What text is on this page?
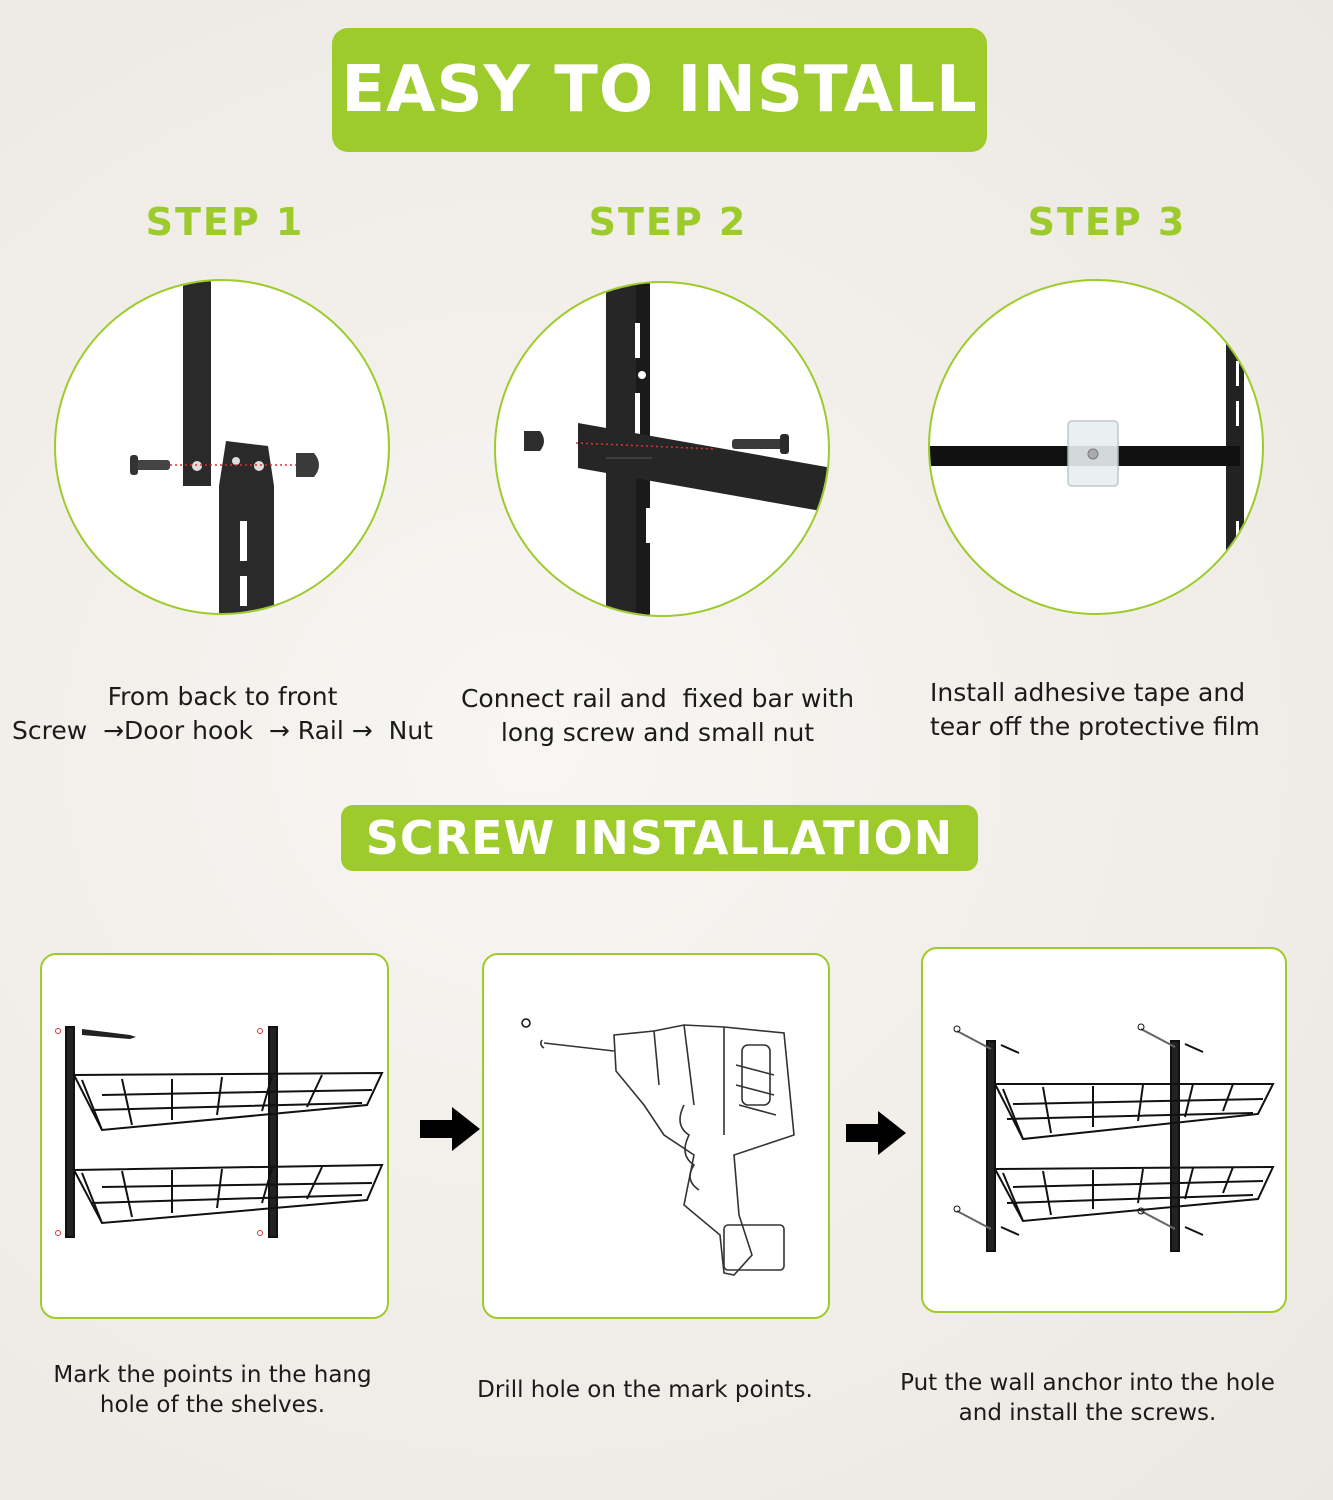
EASY TO INSTALL
STEP 1	STEP 2	STEP 3
From back to front
Screw  →Door hook  → Rail →  Nut
Connect rail and  fixed bar with
long screw and small nut
Install adhesive tape and
tear off the protective film
SCREW INSTALLATION
Mark the points in the hang
hole of the shelves.
Drill hole on the mark points.	Put the wall anchor into the hole
and install the screws.
